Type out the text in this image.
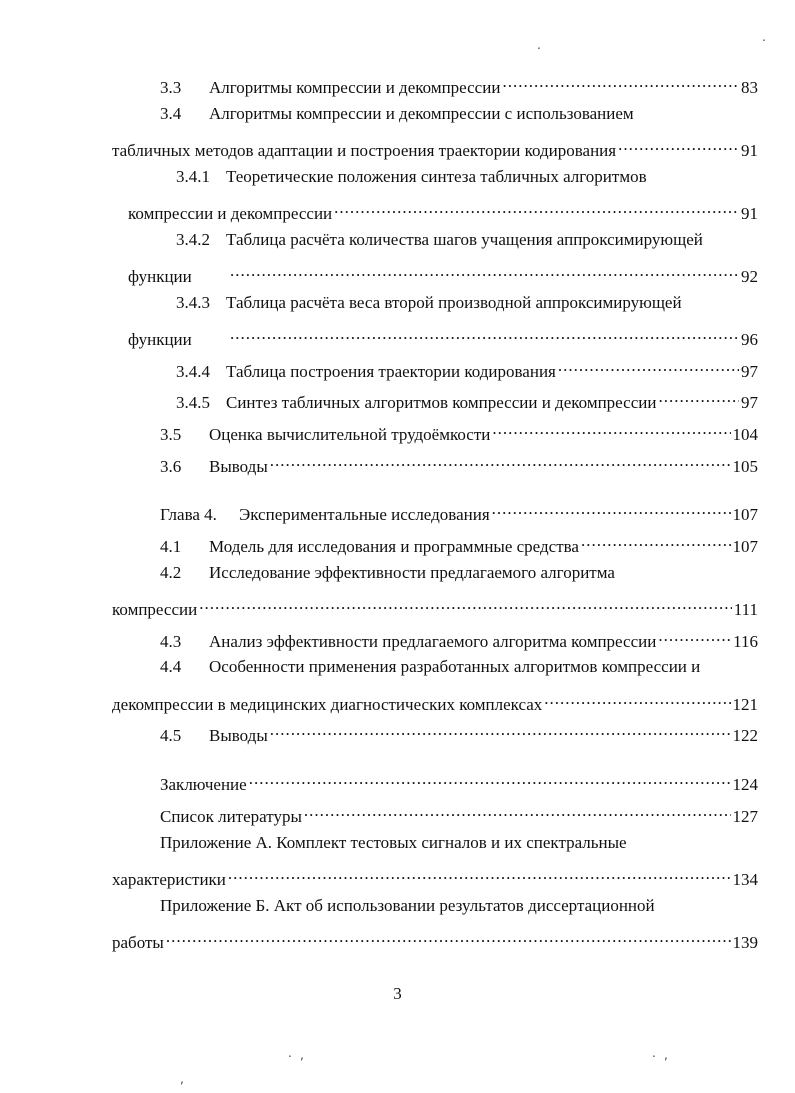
3.3	Алгоритмы компрессии и декомпрессии .....	83
3.4	Алгоритмы компрессии и декомпрессии с использованием
табличных методов адаптации и построения траектории кодирования .....	91
3.4.1 Теоретические положения синтеза табличных алгоритмов
компрессии и декомпрессии .....	91
3.4.2 Таблица расчёта количества шагов учащения аппроксимирующей
функции .....	92
3.4.3 Таблица расчёта веса второй производной аппроксимирующей
функции .....	96
3.4.4 Таблица построения траектории кодирования .....	97
3.4.5 Синтез табличных алгоритмов компрессии и декомпрессии .....	97
3.5	Оценка вычислительной трудоёмкости .....	104
3.6	Выводы .....	105
Глава 4.	Экспериментальные исследования .....	107
4.1	Модель для исследования и программные средства .....	107
4.2	Исследование эффективности предлагаемого алгоритма
компрессии .....	111
4.3	Анализ эффективности предлагаемого алгоритма компрессии .....	116
4.4	Особенности применения разработанных алгоритмов компрессии и
декомпрессии в медицинских диагностических комплексах .....	121
4.5	Выводы .....	122
Заключение .....	124
Список литературы .....	127
Приложение А. Комплект тестовых сигналов и их спектральные
характеристики .....	134
Приложение Б. Акт об использовании результатов диссертационной
работы .....	139
3
. ,	. ,
,
.
.
